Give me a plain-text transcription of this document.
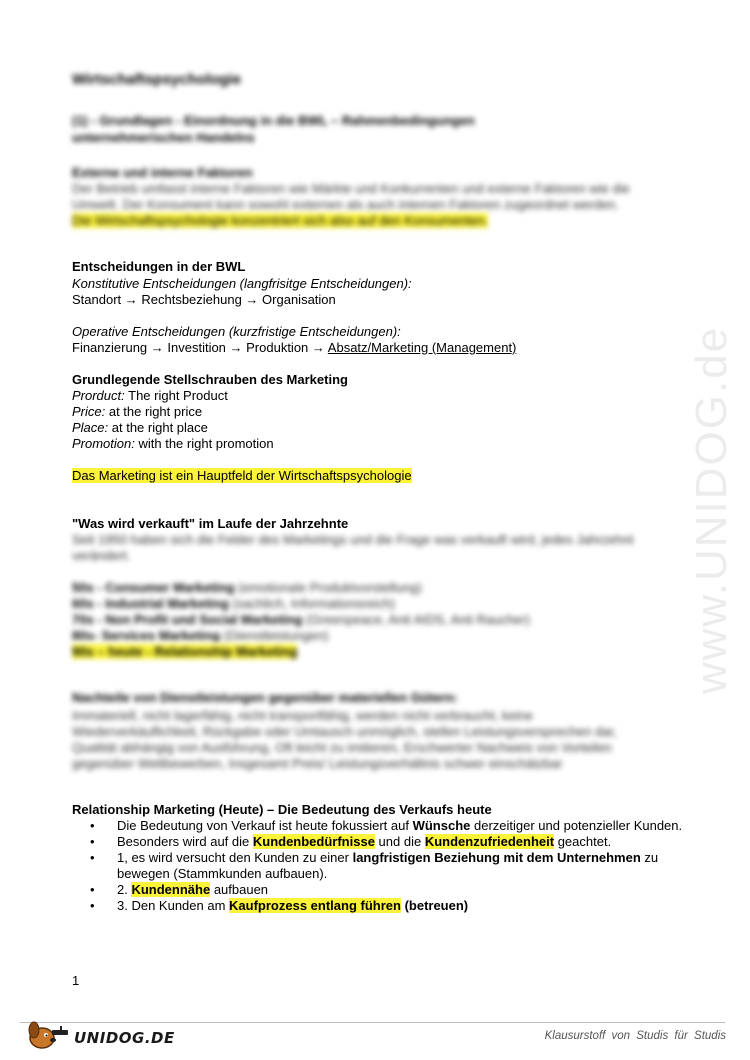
www.UNIDOG.de
Wirtschaftspsychologie
(1) - Grundlagen - Einordnung in die BWL – Rahmenbedingungen
unternehmerischen Handelns
Externe und interne Faktoren
Der Betrieb umfasst interne Faktoren wie Märkte und Konkurrenten und externe Faktoren wie die
Umwelt. Der Konsument kann sowohl externen als auch internen Faktoren zugeordnet werden.
Die Wirtschaftspsychologie konzentriert sich also auf den Konsumenten.
Entscheidungen in der BWL
Konstitutive Entscheidungen (langfrisitge Entscheidungen):
Standort → Rechtsbeziehung → Organisation
Operative Entscheidungen (kurzfristige Entscheidungen):
Finanzierung → Investition → Produktion → Absatz/Marketing (Management)
Grundlegende Stellschrauben des Marketing
Prorduct: The right Product
Price: at the right price
Place: at the right place
Promotion: with the right promotion
Das Marketing ist ein Hauptfeld der Wirtschaftspsychologie
"Was wird verkauft" im Laufe der Jahrzehnte
Seit 1950 haben sich die Felder des Marketings und die Frage was verkauft wird, jedes Jahrzehnt
verändert.
50s - Consumer Marketing (emotionale Produktvorstellung)
60s - Industrial Marketing (sachlich, Informationsreich)
70s - Non Profit und Social Marketing (Greenpeace, Anti AIDS, Anti Raucher)
80s- Services Marketing (Dienstleistungen)
90s – heute - Relationship Marketing
Nachteile von Dienstleistungen gegenüber materiellen Gütern:
Immateriell, nicht lagerfähig, nicht transportfähig, werden nicht verbraucht, keine
Wiederverkäuflichkeit, Rückgabe oder Umtausch unmöglich, stellen Leistungsversprechen dar,
Qualität abhängig von Ausführung, Oft leicht zu imitieren, Erschwerter Nachweis von Vorteilen
gegenüber Wettbewerben, Insgesamt Preis/ Leistungsverhältnis schwer einschätzbar
Relationship Marketing (Heute) – Die Bedeutung des Verkaufs heute
• Die Bedeutung von Verkauf ist heute fokussiert auf Wünsche derzeitiger und potenzieller Kunden.
• Besonders wird auf die Kundenbedürfnisse und die Kundenzufriedenheit geachtet.
• 1, es wird versucht den Kunden zu einer langfristigen Beziehung mit dem Unternehmen zu bewegen (Stammkunden aufbauen).
• 2. Kundennähe aufbauen
• 3. Den Kunden am Kaufprozess entlang führen (betreuen)
1
UNIDOG.DE	Klausurstoff von Studis für Studis
